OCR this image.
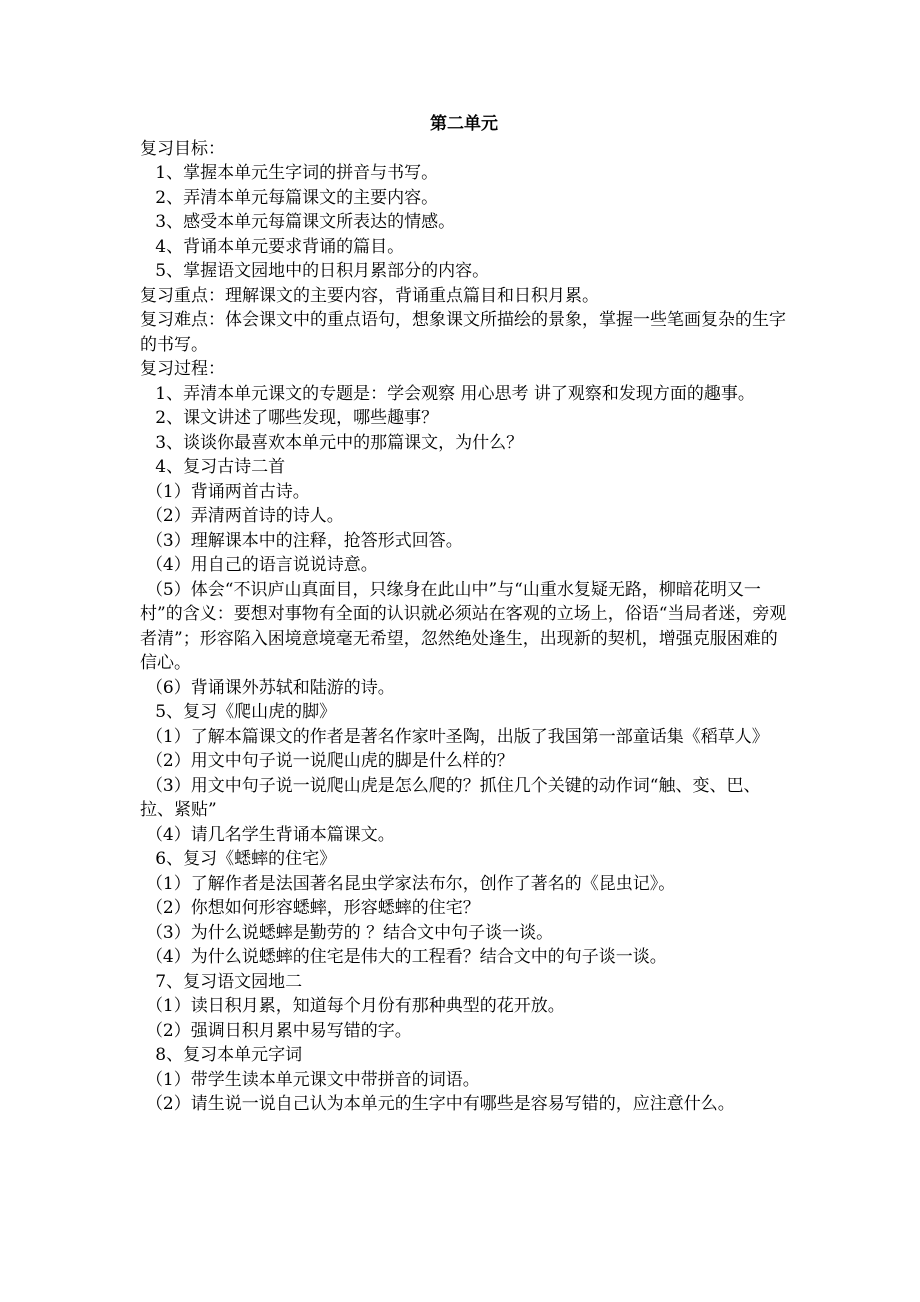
第二单元

复习目标：

1、掌握本单元生字词的拼音与书写。

2、弄清本单元每篇课文的主要内容。

3、感受本单元每篇课文所表达的情感。

4、背诵本单元要求背诵的篇目。

5、掌握语文园地中的日积月累部分的内容。

复习重点：理解课文的主要内容，背诵重点篇目和日积月累。

复习难点：体会课文中的重点语句，想象课文所描绘的景象，掌握一些笔画复杂的生字的书写。

复习过程：

1、弄清本单元课文的专题是：学会观察 用心思考 讲了观察和发现方面的趣事。

2、课文讲述了哪些发现，哪些趣事？

3、谈谈你最喜欢本单元中的那篇课文，为什么？

4、复习古诗二首

（1）背诵两首古诗。

（2）弄清两首诗的诗人。

（3）理解课本中的注释，抢答形式回答。

（4）用自己的语言说说诗意。

（5）体会“不识庐山真面目，只缘身在此山中”与“山重水复疑无路，柳暗花明又一村”的含义：要想对事物有全面的认识就必须站在客观的立场上，俗语“当局者迷，旁观者清”；形容陷入困境意境毫无希望，忽然绝处逢生，出现新的契机，增强克服困难的信心。

（6）背诵课外苏轼和陆游的诗。

5、复习《爬山虎的脚》

（1）了解本篇课文的作者是著名作家叶圣陶，出版了我国第一部童话集《稻草人》

（2）用文中句子说一说爬山虎的脚是什么样的？

（3）用文中句子说一说爬山虎是怎么爬的？抓住几个关键的动作词“触、变、巴、拉、紧贴”

（4）请几名学生背诵本篇课文。

6、复习《蟋蟀的住宅》

（1）了解作者是法国著名昆虫学家法布尔，创作了著名的《昆虫记》。

（2）你想如何形容蟋蟀，形容蟋蟀的住宅？

（3）为什么说蟋蟀是勤劳的 ？结合文中句子谈一谈。

（4）为什么说蟋蟀的住宅是伟大的工程看？结合文中的句子谈一谈。

7、复习语文园地二

（1）读日积月累，知道每个月份有那种典型的花开放。

（2）强调日积月累中易写错的字。

8、复习本单元字词

（1）带学生读本单元课文中带拼音的词语。

（2）请生说一说自己认为本单元的生字中有哪些是容易写错的，应注意什么。
